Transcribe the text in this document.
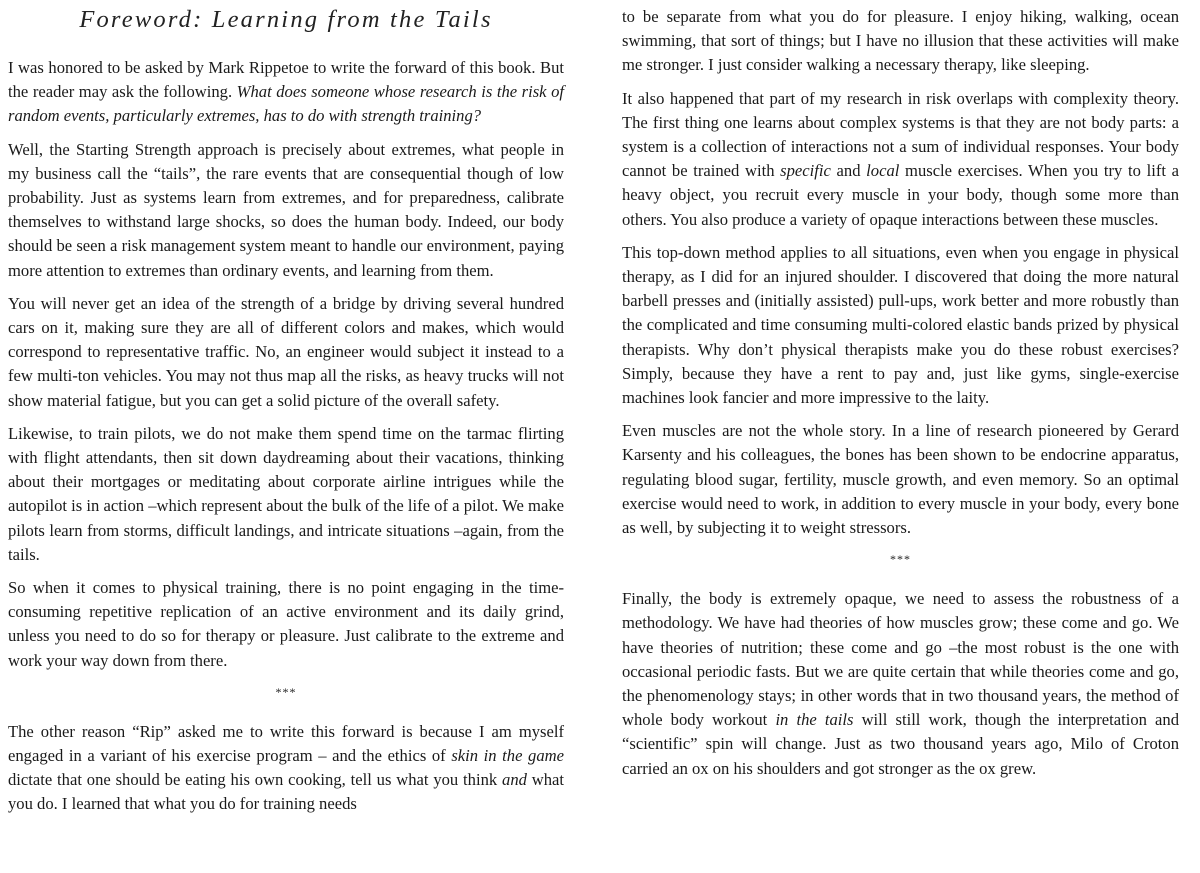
Foreword: Learning from the Tails

I was honored to be asked by Mark Rippetoe to write the forward of this book. But the reader may ask the following. What does someone whose research is the risk of random events, particularly extremes, has to do with strength training?

Well, the Starting Strength approach is precisely about extremes, what people in my business call the “tails”, the rare events that are consequential though of low probability. Just as systems learn from extremes, and for preparedness, calibrate themselves to withstand large shocks, so does the human body. Indeed, our body should be seen a risk management system meant to handle our environment, paying more attention to extremes than ordinary events, and learning from them.

You will never get an idea of the strength of a bridge by driving several hundred cars on it, making sure they are all of different colors and makes, which would correspond to representative traffic. No, an engineer would subject it instead to a few multi-ton vehicles. You may not thus map all the risks, as heavy trucks will not show material fatigue, but you can get a solid picture of the overall safety.

Likewise, to train pilots, we do not make them spend time on the tarmac flirting with flight attendants, then sit down daydreaming about their vacations, thinking about their mortgages or meditating about corporate airline intrigues while the autopilot is in action –which represent about the bulk of the life of a pilot. We make pilots learn from storms, difficult landings, and intricate situations –again, from the tails.

So when it comes to physical training, there is no point engaging in the time-consuming repetitive replication of an active environment and its daily grind, unless you need to do so for therapy or pleasure. Just calibrate to the extreme and work your way down from there.

***

The other reason “Rip” asked me to write this forward is because I am myself engaged in a variant of his exercise program – and the ethics of skin in the game dictate that one should be eating his own cooking, tell us what you think and what you do. I learned that what you do for training needs

to be separate from what you do for pleasure. I enjoy hiking, walking, ocean swimming, that sort of things; but I have no illusion that these activities will make me stronger. I just consider walking a necessary therapy, like sleeping.

It also happened that part of my research in risk overlaps with complexity theory. The first thing one learns about complex systems is that they are not body parts: a system is a collection of interactions not a sum of individual responses. Your body cannot be trained with specific and local muscle exercises. When you try to lift a heavy object, you recruit every muscle in your body, though some more than others. You also produce a variety of opaque interactions between these muscles.

This top-down method applies to all situations, even when you engage in physical therapy, as I did for an injured shoulder. I discovered that doing the more natural barbell presses and (initially assisted) pull-ups, work better and more robustly than the complicated and time consuming multi-colored elastic bands prized by physical therapists. Why don’t physical therapists make you do these robust exercises? Simply, because they have a rent to pay and, just like gyms, single-exercise machines look fancier and more impressive to the laity.

Even muscles are not the whole story. In a line of research pioneered by Gerard Karsenty and his colleagues, the bones has been shown to be endocrine apparatus, regulating blood sugar, fertility, muscle growth, and even memory. So an optimal exercise would need to work, in addition to every muscle in your body, every bone as well, by subjecting it to weight stressors.

***

Finally, the body is extremely opaque, we need to assess the robustness of a methodology. We have had theories of how muscles grow; these come and go. We have theories of nutrition; these come and go –the most robust is the one with occasional periodic fasts. But we are quite certain that while theories come and go, the phenomenology stays; in other words that in two thousand years, the method of whole body workout in the tails will still work, though the interpretation and “scientific” spin will change. Just as two thousand years ago, Milo of Croton carried an ox on his shoulders and got stronger as the ox grew.
